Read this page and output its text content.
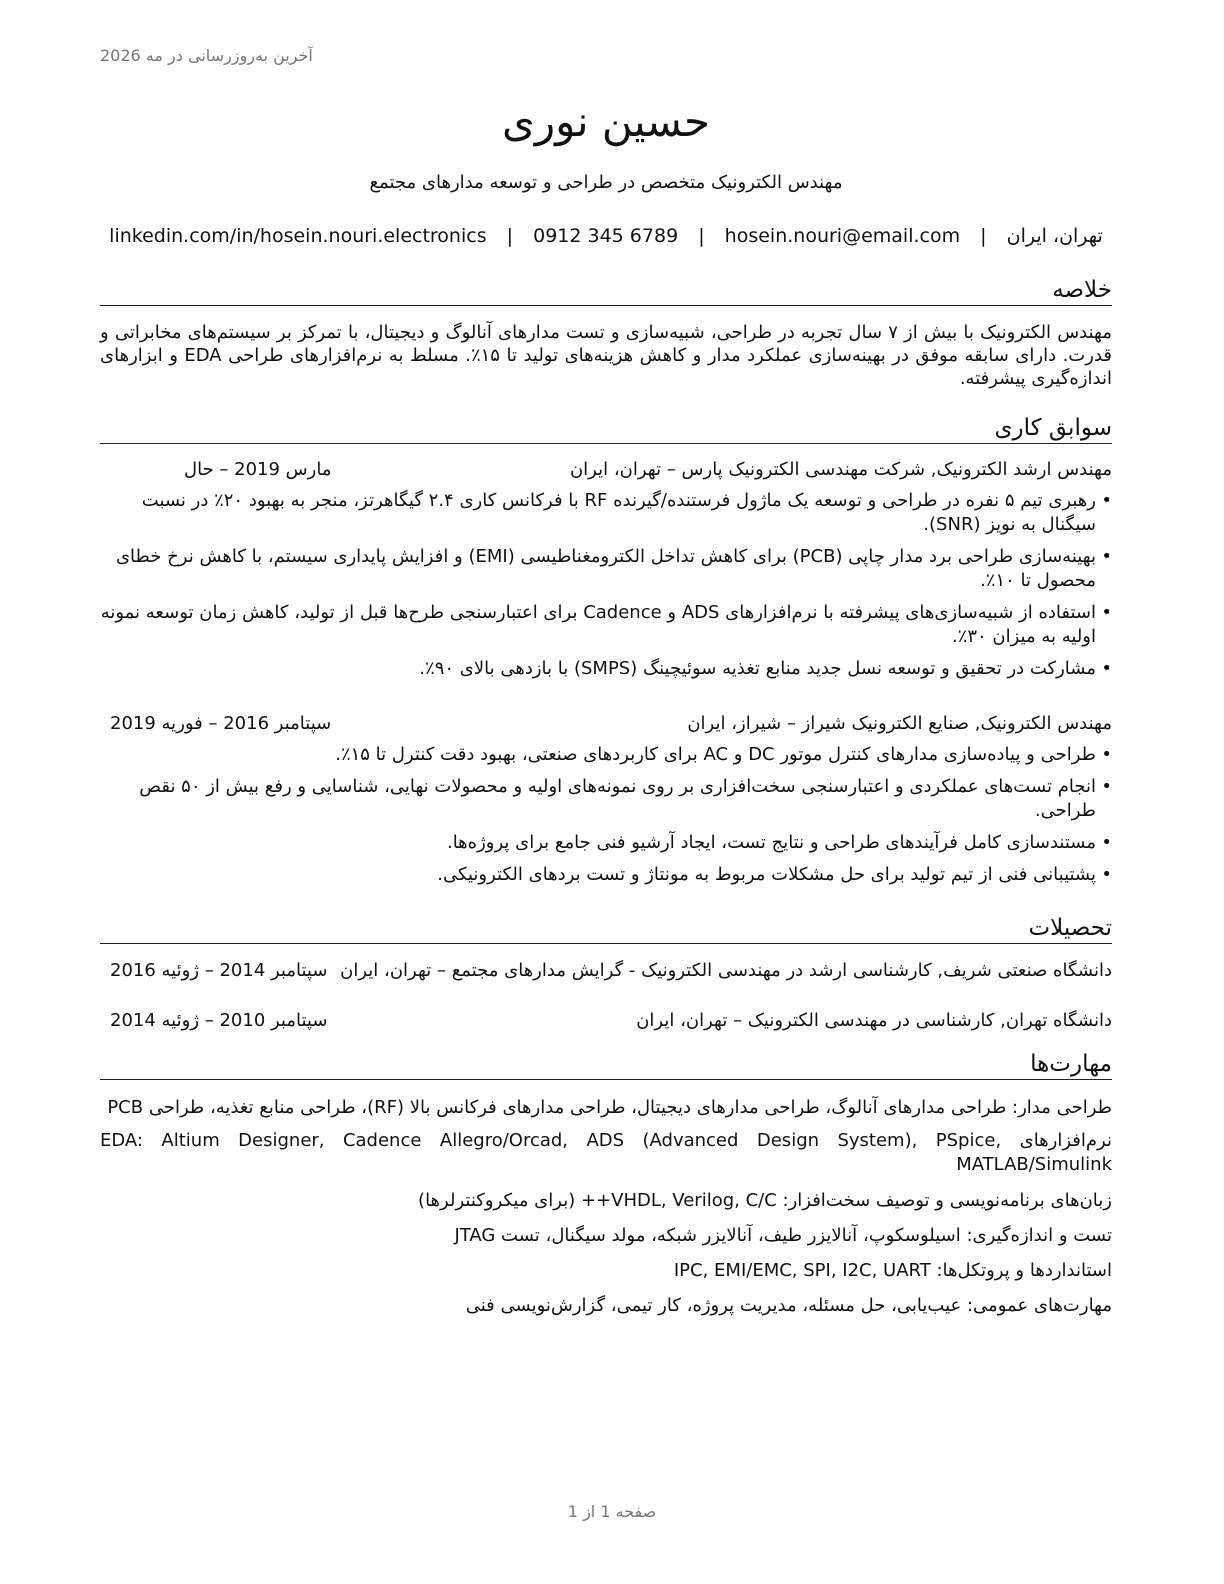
آخرین به‌روزرسانی در مه 2026
حسین نوری
مهندس الکترونیک متخصص در طراحی و توسعه مدارهای مجتمع
تهران، ایران | hosein.nouri@email.com | 0912 345 6789 | linkedin.com/in/hosein.nouri.electronics
خلاصه
مهندس الکترونیک با بیش از ۷ سال تجربه در طراحی، شبیه‌سازی و تست مدارهای آنالوگ و دیجیتال، با تمرکز بر سیستم‌های مخابراتی و قدرت. دارای سابقه موفق در بهینه‌سازی عملکرد مدار و کاهش هزینه‌های تولید تا ۱۵٪. مسلط به نرم‌افزارهای طراحی EDA و ابزارهای اندازه‌گیری پیشرفته.
سوابق کاری
مهندس ارشد الکترونیک, شرکت مهندسی الکترونیک پارس – تهران، ایران
مارس 2019 – حال
• رهبری تیم ۵ نفره در طراحی و توسعه یک ماژول فرستنده/گیرنده RF با فرکانس کاری ۲.۴ گیگاهرتز، منجر به بهبود ۲۰٪ در نسبت سیگنال به نویز (SNR).
• بهینه‌سازی طراحی برد مدار چاپی (PCB) برای کاهش تداخل الکترومغناطیسی (EMI) و افزایش پایداری سیستم، با کاهش نرخ خطای محصول تا ۱۰٪.
• استفاده از شبیه‌سازی‌های پیشرفته با نرم‌افزارهای ADS و Cadence برای اعتبارسنجی طرح‌ها قبل از تولید، کاهش زمان توسعه نمونه اولیه به میزان ۳۰٪.
• مشارکت در تحقیق و توسعه نسل جدید منابع تغذیه سوئیچینگ (SMPS) با بازدهی بالای ۹۰٪.
مهندس الکترونیک, صنایع الکترونیک شیراز – شیراز، ایران
سپتامبر 2016 – فوریه 2019
• طراحی و پیاده‌سازی مدارهای کنترل موتور DC و AC برای کاربردهای صنعتی، بهبود دقت کنترل تا ۱۵٪.
• انجام تست‌های عملکردی و اعتبارسنجی سخت‌افزاری بر روی نمونه‌های اولیه و محصولات نهایی، شناسایی و رفع بیش از ۵۰ نقص طراحی.
• مستندسازی کامل فرآیندهای طراحی و نتایج تست، ایجاد آرشیو فنی جامع برای پروژه‌ها.
• پشتیبانی فنی از تیم تولید برای حل مشکلات مربوط به مونتاژ و تست بردهای الکترونیکی.
تحصیلات
دانشگاه صنعتی شریف, کارشناسی ارشد در مهندسی الکترونیک - گرایش مدارهای مجتمع – تهران، ایران
سپتامبر 2014 – ژوئیه 2016
دانشگاه تهران, کارشناسی در مهندسی الکترونیک – تهران، ایران
سپتامبر 2010 – ژوئیه 2014
مهارت‌ها
طراحی مدار: طراحی مدارهای آنالوگ، طراحی مدارهای دیجیتال، طراحی مدارهای فرکانس بالا (RF)، طراحی منابع تغذیه، طراحی PCB
نرم‌افزارهای EDA: Altium Designer, Cadence Allegro/Orcad, ADS (Advanced Design System), PSpice, MATLAB/Simulink
زبان‌های برنامه‌نویسی و توصیف سخت‌افزار: VHDL, Verilog, C/C++ (برای میکروکنترلرها)
تست و اندازه‌گیری: اسیلوسکوپ، آنالایزر طیف، آنالایزر شبکه، مولد سیگنال، تست JTAG
استانداردها و پروتکل‌ها: IPC, EMI/EMC, SPI, I2C, UART
مهارت‌های عمومی: عیب‌یابی، حل مسئله، مدیریت پروژه، کار تیمی، گزارش‌نویسی فنی
صفحه 1 از 1
